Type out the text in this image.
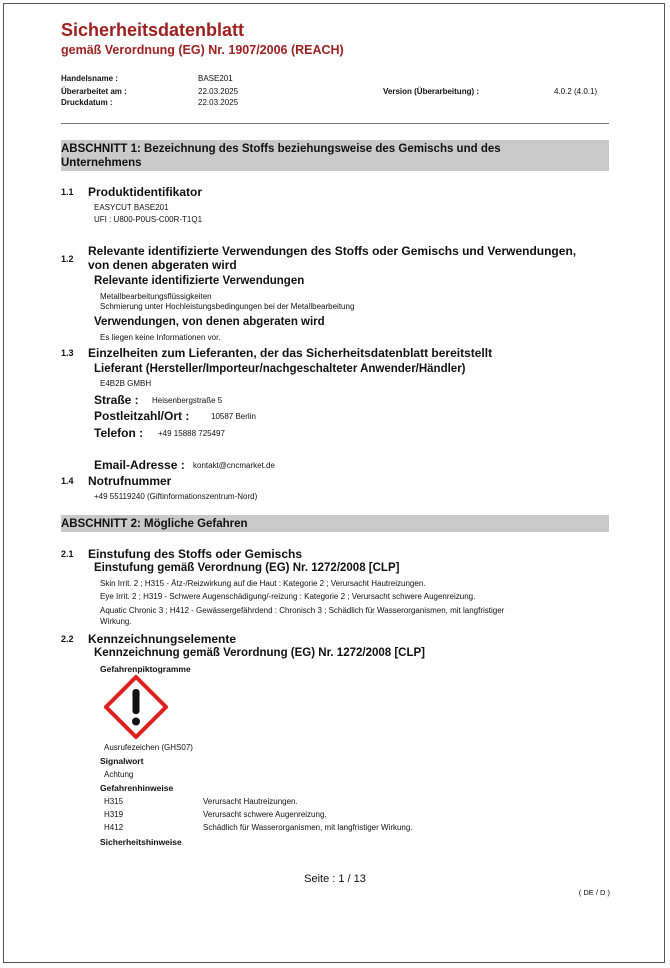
Sicherheitsdatenblatt
gemäß Verordnung (EG) Nr. 1907/2006 (REACH)
Handelsname :	BASE201
Überarbeitet am :	22.03.2025	Version (Überarbeitung) :	4.0.2 (4.0.1)
Druckdatum :	22.03.2025
ABSCHNITT 1: Bezeichnung des Stoffs beziehungsweise des Gemischs und des
Unternehmens
1.1 Produktidentifikator
EASYCUT BASE201
UFI : U800-P0US-C00R-T1Q1
1.2
Relevante identifizierte Verwendungen des Stoffs oder Gemischs und Verwendungen,
von denen abgeraten wird
Relevante identifizierte Verwendungen
Metallbearbeitungsflüssigkeiten
Schmierung unter Hochleistungsbedingungen bei der Metallbearbeitung
Verwendungen, von denen abgeraten wird
Es liegen keine Informationen vor.
1.3 Einzelheiten zum Lieferanten, der das Sicherheitsdatenblatt bereitstellt
Lieferant (Hersteller/Importeur/nachgeschalteter Anwender/Händler)
E4B2B GMBH
Straße : Heisenbergstraße 5
Postleitzahl/Ort :	10587 Berlin
Telefon : +49 15888 725497
Email-Adresse : kontakt@cncmarket.de
1.4 Notrufnummer
+49 55119240 (Giftinformationszentrum-Nord)
ABSCHNITT 2: Mögliche Gefahren
2.1 Einstufung des Stoffs oder Gemischs
Einstufung gemäß Verordnung (EG) Nr. 1272/2008 [CLP]
Skin Irrit. 2 ; H315 - Ätz-/Reizwirkung auf die Haut : Kategorie 2 ; Verursacht Hautreizungen.
Eye Irrit. 2 ; H319 - Schwere Augenschädigung/-reizung : Kategorie 2 ; Verursacht schwere Augenreizung.
Aquatic Chronic 3 ; H412 - Gewässergefährdend : Chronisch 3 ; Schädlich für Wasserorganismen, mit langfristiger
Wirkung.
2.2 Kennzeichnungselemente
Kennzeichnung gemäß Verordnung (EG) Nr. 1272/2008 [CLP]
Gefahrenpiktogramme
Ausrufezeichen (GHS07)
Signalwort
Achtung
Gefahrenhinweise
H315	Verursacht Hautreizungen.
H319	Verursacht schwere Augenreizung.
H412	Schädlich für Wasserorganismen, mit langfristiger Wirkung.
Sicherheitshinweise
Seite : 1 / 13
( DE / D )
